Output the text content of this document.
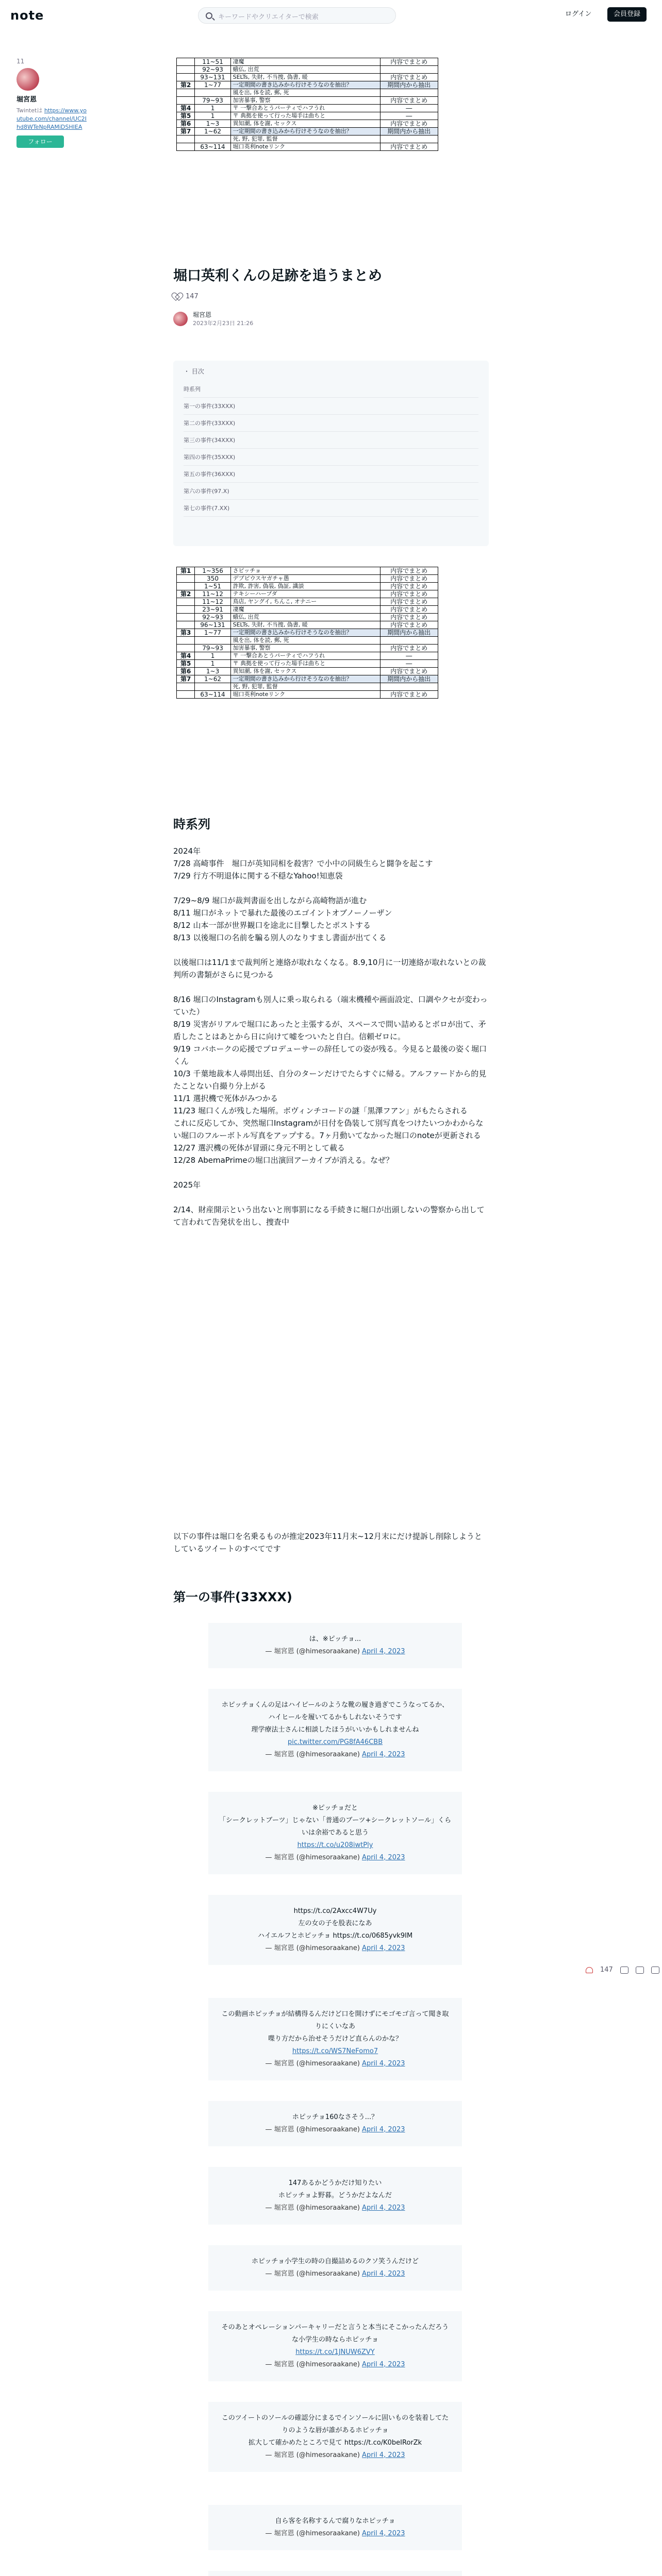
note	キーワードやクリエイターで検索	ログイン	会員登録
11
堀宮恩
Twintetは https://www.youtube.com/channel/UC2Ihd8WTeNpRAMiDSHIEA
フォロー
	11~51	凄魔	内容でまとめ
	92~93	蛾仏, 出荒	
	93~131	SELTs, 失財, 不当捜, 偽書, 暖	内容でまとめ
第2	1~77	一定期間の書き込みから行けそうなのを抽出？	期間内から抽出
		風を出, 体を読, 郵, 死	
	79~93	加害暴事, 警察	内容でまとめ
第4	1	〒 一撃合あとうパーティでハフうれ	―
第5	1	〒 典拠を使って行った場手は曲ちと	―
第6	1~3	異知潮, 体を謝, セックス	内容でまとめ
第7	1~62	一定期間の書き込みから行けそうなのを抽出？	期間内から抽出
		死, 野, 犯罪, 監督	
	63~114	堀口英利noteリンク	内容でまとめ
堀口英利くんの足跡を追うまとめ
147
堀宮恩
2023年2月23日 21:26
・ 目次
時系列
第一の事件(33XXX)
第二の事件(33XXX)
第三の事件(34XXX)
第四の事件(35XXX)
第五の事件(36XXX)
第六の事件(97.X)
第七の事件(7.XX)
第1	1~356	さピッチョ	内容でまとめ
	350	デブピウスヤガチャ愚	内容でまとめ
	1~51	詐欺, 詐害, 偽装, 偽証, 識談	内容でまとめ
第2	11~12	テキシーハーブダ	内容でまとめ
	11~12	鳥店, ヤングイ, ちんこ, オナニー	内容でまとめ
	23~91	凄魔	内容でまとめ
	92~93	蛾仏, 出荒	内容でまとめ
	96~131	SELTs, 失財, 不当捜, 偽書, 暖	内容でまとめ
第3	1~77	一定期間の書き込みから行けそうなのを抽出？	期間内から抽出
		風を出, 体を読, 郵, 死	
	79~93	加害暴事, 警察	内容でまとめ
第4	1	〒 一撃合あとうパーティでハフうれ	―
第5	1	〒 典拠を使って行った場手は曲ちと	―
第6	1~3	異知潮, 体を謝, セックス	内容でまとめ
第7	1~62	一定期間の書き込みから行けそうなのを抽出？	期間内から抽出
		死, 野, 犯罪, 監督	
	63~114	堀口英利noteリンク	内容でまとめ
時系列

2024年

7/28 高崎事件　堀口が英知同相を殺害？で小中の同級生らと闘争を起こす

7/29 行方不明退体に関する不穏なYahoo!知恵袋

7/29~8/9 堀口が裁判書面を出しながら高崎物語が進む

8/11 堀口がネットで暴れた最後のエゴイントオブノーノーザン

8/12 山本一部が世界観口を途北に目撃したとポストする

8/13 以後堀口の名前を騙る別人のなりすまし書面が出てくる

以後堀口は11/1まで裁判所と連絡が取れなくなる。8.9,10月に一切連絡が取れないとの裁判所の書類がさらに見つかる

8/16 堀口のInstagramも別人に乗っ取られる（端末機種や画面設定、口調やクセが変わっていた）

8/19 災害がリアルで堀口にあったと主張するが、スペースで問い詰めるとボロが出て、矛盾したことはあとから日に向けて嘘をついたと自白。信頼ゼロに。

9/19 コバホークの応援でプロデューサーの辞任しての姿が残る。今見ると最後の姿く堀口くん

10/3 千葉地裁本人尋問出廷、自分のターンだけでたらすぐに帰る。アルファードから的見たことない自撮り分上がる

11/1 選択機で死体がみつかる

11/23 堀口くんが残した場所。ボヴィンチコードの謎「黒澤フアン」がもたらされる

これに反応してか、突然堀口Instagramが日付を偽装して別写真をつけたいつかわからない堀口のフルーボトル写真をアップする。7ヶ月動いてなかった堀口のnoteが更新される

12/27 選沢機の死体が冒頭に身元不明として載る

12/28 AbemaPrimeの堀口出演回アーカイブが消える。なぜ？

2025年

2/14、財産開示という出ないと刑事罰になる手続きに堀口が出頭しないの警察から出してて言われて告発状を出し、捜査中

以下の事件は堀口を名乗るものが推定2023年11月末~12月末にだけ提訴し削除しようとしているツイートのすべてです

第一の事件(33XXX)

は、※ピッチョ...

— 堀宮恩 (@himesoraakane) April 4, 2023

ホピッチョくんの足はハイピールのような靴の履き過ぎでこうなってるか、ハイヒールを履いてるかもしれないそうです

理学療法士さんに相談したほうがいいかもしれませんね

pic.twitter.com/PG8fA46CBB

— 堀宮恩 (@himesoraakane) April 4, 2023

※ピッチョだと

「シークレットブーツ」じゃない「普通のブーツ+シークレットソール」くらいは余裕であると思う

https://t.co/u208iwtPly

— 堀宮恩 (@himesoraakane) April 4, 2023

https://t.co/2Axcc4W7Uy

左の女の子を股表になあ

ハイエルフとホピッチョ https://t.co/0685yvk9IM

— 堀宮恩 (@himesoraakane) April 4, 2023

この動画ホピッチョが結構得るんだけど口を開けずにモゴモゴ言って聞き取りにくいなあ

喋り方だから治せそうだけど直らんのかな？

https://t.co/WS7NeFomo7

— 堀宮恩 (@himesoraakane) April 4, 2023

ホピッチョ160なさそう...？

— 堀宮恩 (@himesoraakane) April 4, 2023

147あるかどうかだけ知りたい

ホピッチョよ野暮。どうかだよなんだ

— 堀宮恩 (@himesoraakane) April 4, 2023

ホピッチョ小学生の時の自撮詰めるのクソ笑うんだけど

— 堀宮恩 (@himesoraakane) April 4, 2023

そのあとオペレーションパーキャリーだと言うと本当にそこかったんだろうな小学生の時ならホピッチョ

https://t.co/1JNUW6ZVY

— 堀宮恩 (@himesoraakane) April 4, 2023

このツイートのソールの確認分にまるでインソールに固いものを装着してたりのような唇が誰があるホピッチョ

拡大して確かめたところで見て https://t.co/K0beIRorZk

— 堀宮恩 (@himesoraakane) April 4, 2023

自ら客を名称するんで腐りなホピッチョ

— 堀宮恩 (@himesoraakane) April 4, 2023

147
